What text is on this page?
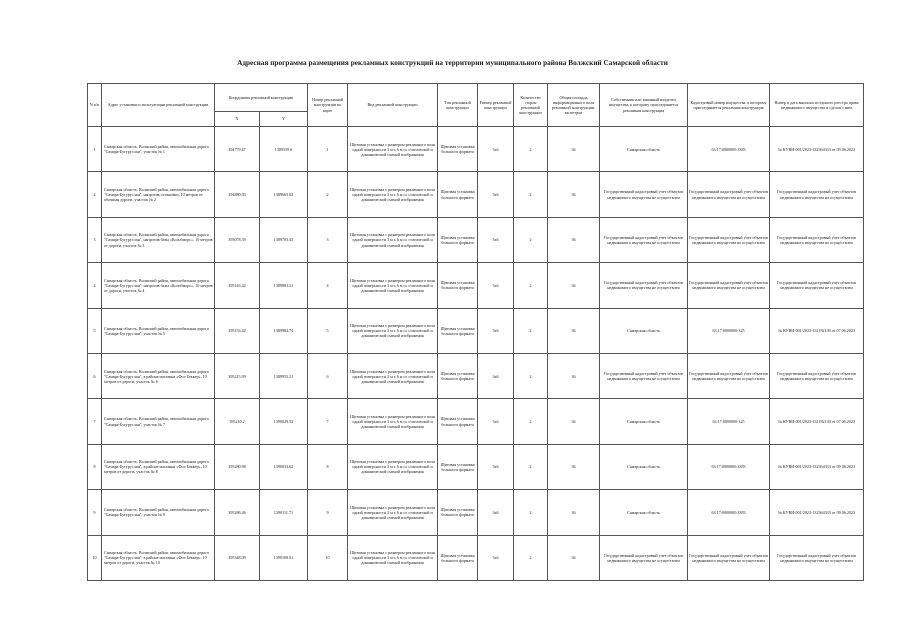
Адресная программа размещения рекламных конструкций на территории муниципального района Волжский Самарской области
N п/п	Адрес установки и эксплуатации рекламной конструкции	Координаты рекламной конструкции		Номер рекламной конструкции по карте	Вид рекламной конструкции	Тип рекламной конструкции	Размер рекламной конструкции	Количество сторон рекламной конструкции	Общая площадь информационного поля рекламной конструкции, кв.метров	Собственник или законный владелец имущества, к которому присоединяется рекламная конструкция	Кадастровый номер имущества, к которому присоединяется рекламная конструкция	Номер и дата выписки из единого реестра права недвижимого имущества и сделок с ним
		X	Y									
1	Самарская область, Волжский район, автомобильная дорога "Самара-Бугуруслан", участок № 1	394779.67	1389339.6	1	Щитовая установка с размером рекламного поля одной поверхности 3 м x 6 м со статической и динамической сменой изображения	Щитовая установка большого формата	3х6	2	36	Самарская область	63:17:0000000:3383	№ КУВИ-001/2023-132364333 от 09.06.2023
2	Самарская область, Волжский район, автомобильная дорога "Самара-Бугуруслан", напротив остановки, 10 метров от обочины дороги, участок № 2	394880.03	1389665.02	2	Щитовая установка с размером рекламного поля одной поверхности 3 м x 6 м со статической и динамической сменой изображения	Щитовая установка большого формата	3х6	2	36	Государственный кадастровый учет объектов недвижимого имущества не осуществлен	Государственный кадастровый учет объектов недвижимого имущества не осуществлен	Государственный кадастровый учет объектов недвижимого имущества не осуществлен
3	Самарская область, Волжский район, автомобильная дорога "Самара-Бугуруслан", напротив базы «Колобморс», 10 метров от дороги, участок № 3	395078.39	1389705.45	3	Щитовая установка с размером рекламного поля одной поверхности 3 м x 6 м со статической и динамической сменой изображения	Щитовая установка большого формата	3х6	2	36	Государственный кадастровый учет объектов недвижимого имущества не осуществлен	Государственный кадастровый учет объектов недвижимого имущества не осуществлен	Государственный кадастровый учет объектов недвижимого имущества не осуществлен
4	Самарская область, Волжский район, автомобильная дорога "Самара-Бугуруслан", напротив базы «Колобморс», 10 метров от дороги, участок № 4	395143.42	1389881.31	4	Щитовая установка с размером рекламного поля одной поверхности 3 м x 6 м со статической и динамической сменой изображения	Щитовая установка большого формата	3х6	2	36	Государственный кадастровый учет объектов недвижимого имущества не осуществлен	Государственный кадастровый учет объектов недвижимого имущества не осуществлен	Государственный кадастровый учет объектов недвижимого имущества не осуществлен
5	Самарская область, Волжский район, автомобильная дорога "Самара-Бугуруслан", участок №.5	395153.42	1389984.74	5	Щитовая установка с размером рекламного поля одной поверхности 3 м x 6 м со статической и динамической сменой изображения	Щитовая установка большого формата	3х6	2	36	Самарская область	63:17:0000000:325	№ КУВИ-001/2023-131182130 от 07.06.2023
6	Самарская область, Волжский район, автомобильная дорога "Самара-Бугуруслан", в районе магазина «Фол Беккер», 10 метров от дороги, участок № 6	395215.99	1389955.21	6	Щитовая установка с размером рекламного поля одной поверхности 3 м x 6 м со статической и динамической сменой изображения	Щитовая установка большого формата	3х6	2	36	Государственный кадастровый учет объектов недвижимого имущества не осуществлен	Государственный кадастровый учет объектов недвижимого имущества не осуществлен	Государственный кадастровый учет объектов недвижимого имущества не осуществлен
7	Самарская область, Волжский район, автомобильная дорога "Самара-Бугуруслан", участок № 7	395210.2	1390029.52	7	Щитовая установка с размером рекламного поля одной поверхности 3 м x 6 м со статической и динамической сменой изображения	Щитовая установка большого формата	3х6	2	36	Самарская область	63:17:0000000:325	№ КУВИ-001/2023-131182130 от 07.06.2023
8	Самарская область, Волжский район, автомобильная дорога "Самара-Бугуруслан", в районе магазина «Фол Беккер», 10 метров от дороги, участок № 8	395280.98	1390033.62	8	Щитовая установка с размером рекламного поля одной поверхности 3 м x 6 м со статической и динамической сменой изображения	Щитовая установка большого формата	3х6	2	36	Самарская область	63:17:0000000:3383	№ КУВИ-001/2023-132364333 от 09.06.2023
9	Самарская область, Волжский район, автомобильная дорога "Самара-Бугуруслан", участок № 9	395286.46	1390111.71	9	Щитовая установка с размером рекламного поля одной поверхности 3 м x 6 м со статической и динамической сменой изображения	Щитовая установка большого формата	3х6	2	36	Самарская область	63:17:0000000:3383	№ КУВИ-001/2023-132364333 от 09.06.2023
10	Самарская область, Волжский район, автомобильная дорога "Самара-Бугуруслан", в районе магазина «Фол Беккер», 10 метров от дороги, участок № 10	395348.09	1390108.01	10	Щитовая установка с размером рекламного поля одной поверхности 3 м x 6 м со статической и динамической сменой изображения	Щитовая установка большого формата	3х6	2	36	Государственный кадастровый учет объектов недвижимого имущества не осуществлен	Государственный кадастровый учет объектов недвижимого имущества не осуществлен	Государственный кадастровый учет объектов недвижимого имущества не осуществлен
